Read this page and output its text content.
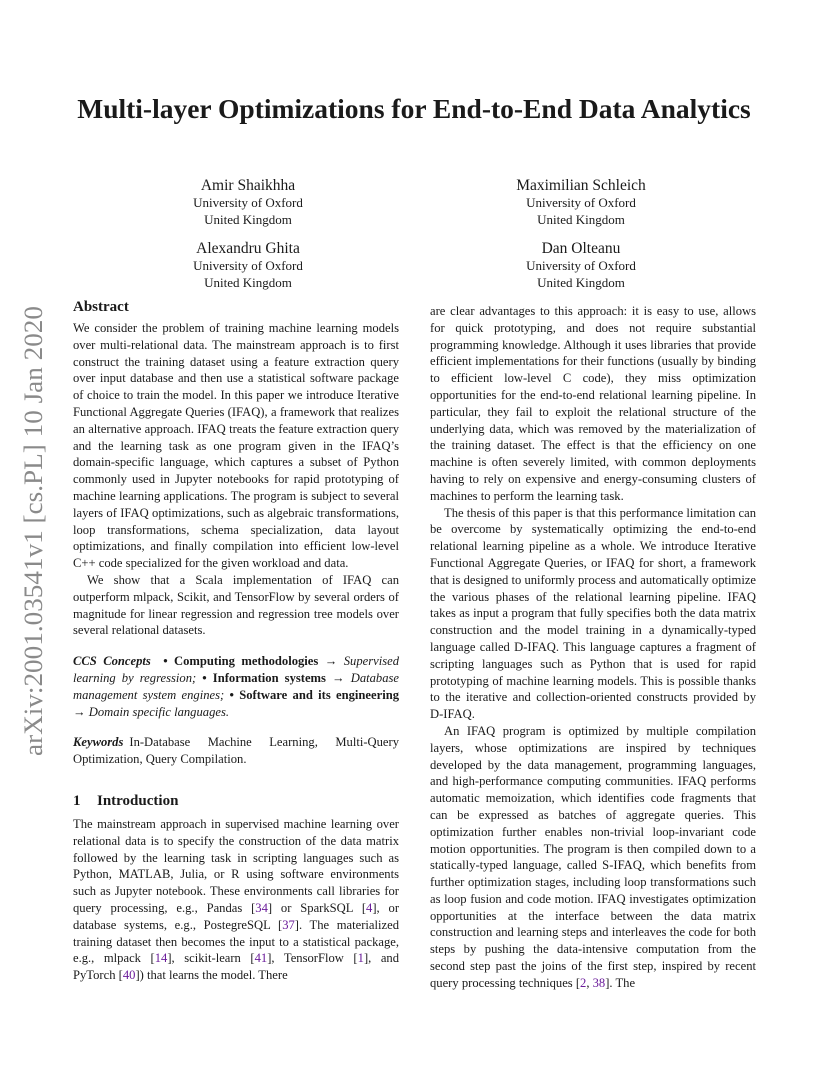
arXiv:2001.03541v1 [cs.PL] 10 Jan 2020
Multi-layer Optimizations for End-to-End Data Analytics
Amir Shaikhha
University of Oxford
United Kingdom
Maximilian Schleich
University of Oxford
United Kingdom
Alexandru Ghita
University of Oxford
United Kingdom
Dan Olteanu
University of Oxford
United Kingdom
Abstract

We consider the problem of training machine learning models over multi-relational data. The mainstream approach is to first construct the training dataset using a feature extraction query over input database and then use a statistical software package of choice to train the model. In this paper we introduce Iterative Functional Aggregate Queries (IFAQ), a framework that realizes an alternative approach. IFAQ treats the feature extraction query and the learning task as one program given in the IFAQ’s domain-specific language, which captures a subset of Python commonly used in Jupyter notebooks for rapid prototyping of machine learning applications. The program is subject to several layers of IFAQ optimizations, such as algebraic transformations, loop transformations, schema specialization, data layout optimizations, and finally compilation into efficient low-level C++ code specialized for the given workload and data.

We show that a Scala implementation of IFAQ can outperform mlpack, Scikit, and TensorFlow by several orders of magnitude for linear regression and regression tree models over several relational datasets.

CCS Concepts • Computing methodologies → Supervised learning by regression; • Information systems → Database management system engines; • Software and its engineering → Domain specific languages.

Keywords In-Database Machine Learning, Multi-Query Optimization, Query Compilation.

1 Introduction

The mainstream approach in supervised machine learning over relational data is to specify the construction of the data matrix followed by the learning task in scripting languages such as Python, MATLAB, Julia, or R using software environments such as Jupyter notebook. These environments call libraries for query processing, e.g., Pandas [34] or SparkSQL [4], or database systems, e.g., PostegreSQL [37]. The materialized training dataset then becomes the input to a statistical package, e.g., mlpack [14], scikit-learn [41], TensorFlow [1], and PyTorch [40]) that learns the model. There

are clear advantages to this approach: it is easy to use, allows for quick prototyping, and does not require substantial programming knowledge. Although it uses libraries that provide efficient implementations for their functions (usually by binding to efficient low-level C code), they miss optimization opportunities for the end-to-end relational learning pipeline. In particular, they fail to exploit the relational structure of the underlying data, which was removed by the materialization of the training dataset. The effect is that the efficiency on one machine is often severely limited, with common deployments having to rely on expensive and energy-consuming clusters of machines to perform the learning task.

The thesis of this paper is that this performance limitation can be overcome by systematically optimizing the end-to-end relational learning pipeline as a whole. We introduce Iterative Functional Aggregate Queries, or IFAQ for short, a framework that is designed to uniformly process and automatically optimize the various phases of the relational learning pipeline. IFAQ takes as input a program that fully specifies both the data matrix construction and the model training in a dynamically-typed language called D-IFAQ. This language captures a fragment of scripting languages such as Python that is used for rapid prototyping of machine learning models. This is possible thanks to the iterative and collection-oriented constructs provided by D-IFAQ.

An IFAQ program is optimized by multiple compilation layers, whose optimizations are inspired by techniques developed by the data management, programming languages, and high-performance computing communities. IFAQ performs automatic memoization, which identifies code fragments that can be expressed as batches of aggregate queries. This optimization further enables non-trivial loop-invariant code motion opportunities. The program is then compiled down to a statically-typed language, called S-IFAQ, which benefits from further optimization stages, including loop transformations such as loop fusion and code motion. IFAQ investigates optimization opportunities at the interface between the data matrix construction and learning steps and interleaves the code for both steps by pushing the data-intensive computation from the second step past the joins of the first step, inspired by recent query processing techniques [2, 38]. The
